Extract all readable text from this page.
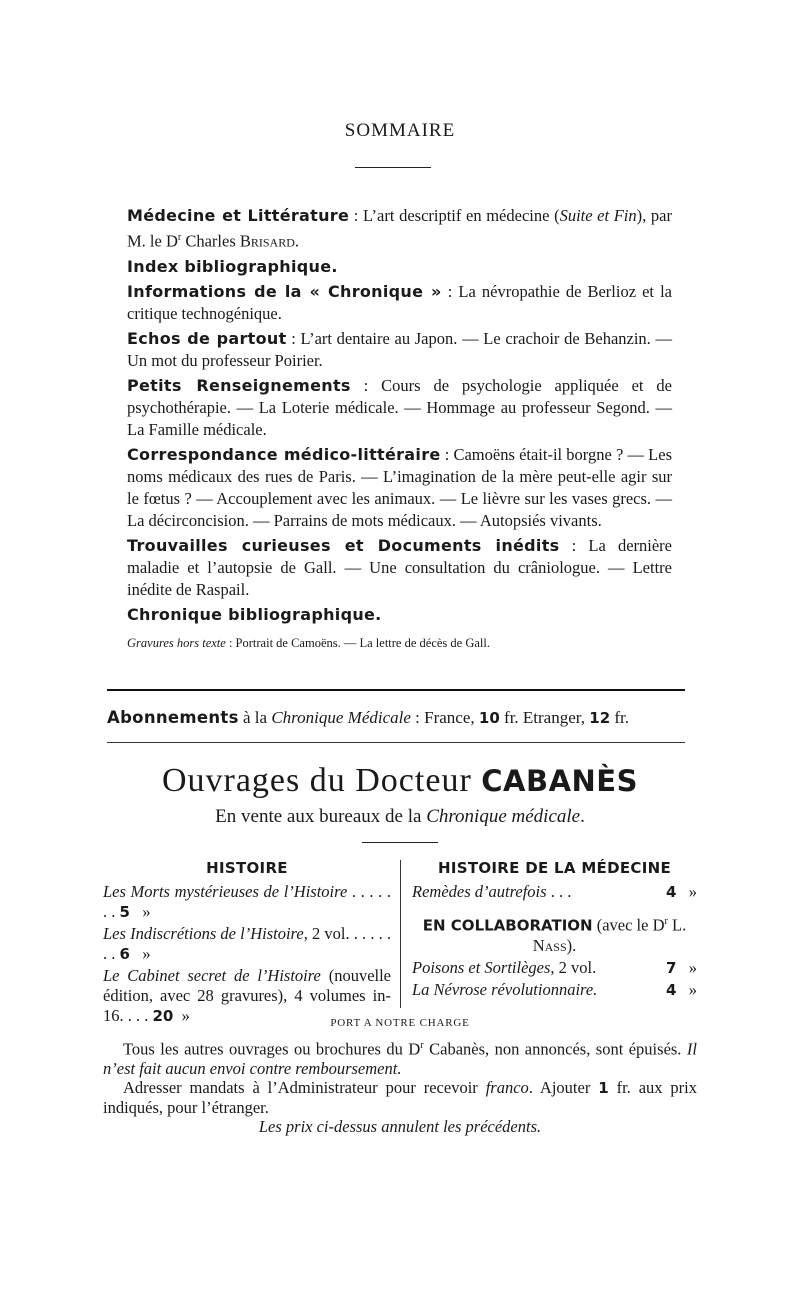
SOMMAIRE
Médecine et Littérature : L’art descriptif en médecine (Suite et Fin), par M. le $D^r$ Charles Brisard.
Index bibliographique.
Informations de la « Chronique » : La névropathie de Berlioz et la critique technogénique.
Echos de partout : L’art dentaire au Japon. — Le crachoir de Behanzin. — Un mot du professeur Poirier.
Petits Renseignements : Cours de psychologie appliquée et de psychothérapie. — La Loterie médicale. — Hommage au professeur Segond. — La Famille médicale.
Correspondance médico-littéraire : Camoëns était-il borgne ? — Les noms médicaux des rues de Paris. — L’imagination de la mère peut-elle agir sur le fœtus ? — Accouplement avec les animaux. — Le lièvre sur les vases grecs. — La décirconcision. — Parrains de mots médicaux. — Autopsiés vivants.
Trouvailles curieuses et Documents inédits : La dernière maladie et l’autopsie de Gall. — Une consultation du crâniologue. — Lettre inédite de Raspail.
Chronique bibliographique.
Gravures hors texte : Portrait de Camoëns. — La lettre de décès de Gall.
Abonnements à la Chronique Médicale : France, 10 fr. Etranger, 12 fr.
Ouvrages du Docteur CABANÈS
En vente aux bureaux de la Chronique médicale.
HISTOIRE
Les Morts mystérieuses de l’Histoire . . . . . . . 5 »
Les Indiscrétions de l’Histoire, 2 vol. . . . . . . . 6 »
Le Cabinet secret de l’Histoire (nouvelle édition, avec 28 gravures), 4 volumes in-16. . . . 20 »
HISTOIRE DE LA MÉDECINE
Remèdes d’autrefois . . .	4 »
EN COLLABORATION (avec le $D^r$ L. Nass).
Poisons et Sortilèges, 2 vol.	7 »
La Névrose révolutionnaire.	4 »
PORT A NOTRE CHARGE

Tous les autres ouvrages ou brochures du $D^r$ Cabanès, non annoncés, sont épuisés. Il n’est fait aucun envoi contre remboursement.

Adresser mandats à l’Administrateur pour recevoir franco. Ajouter 1 fr. aux prix indiqués, pour l’étranger.

Les prix ci-dessus annulent les précédents.
